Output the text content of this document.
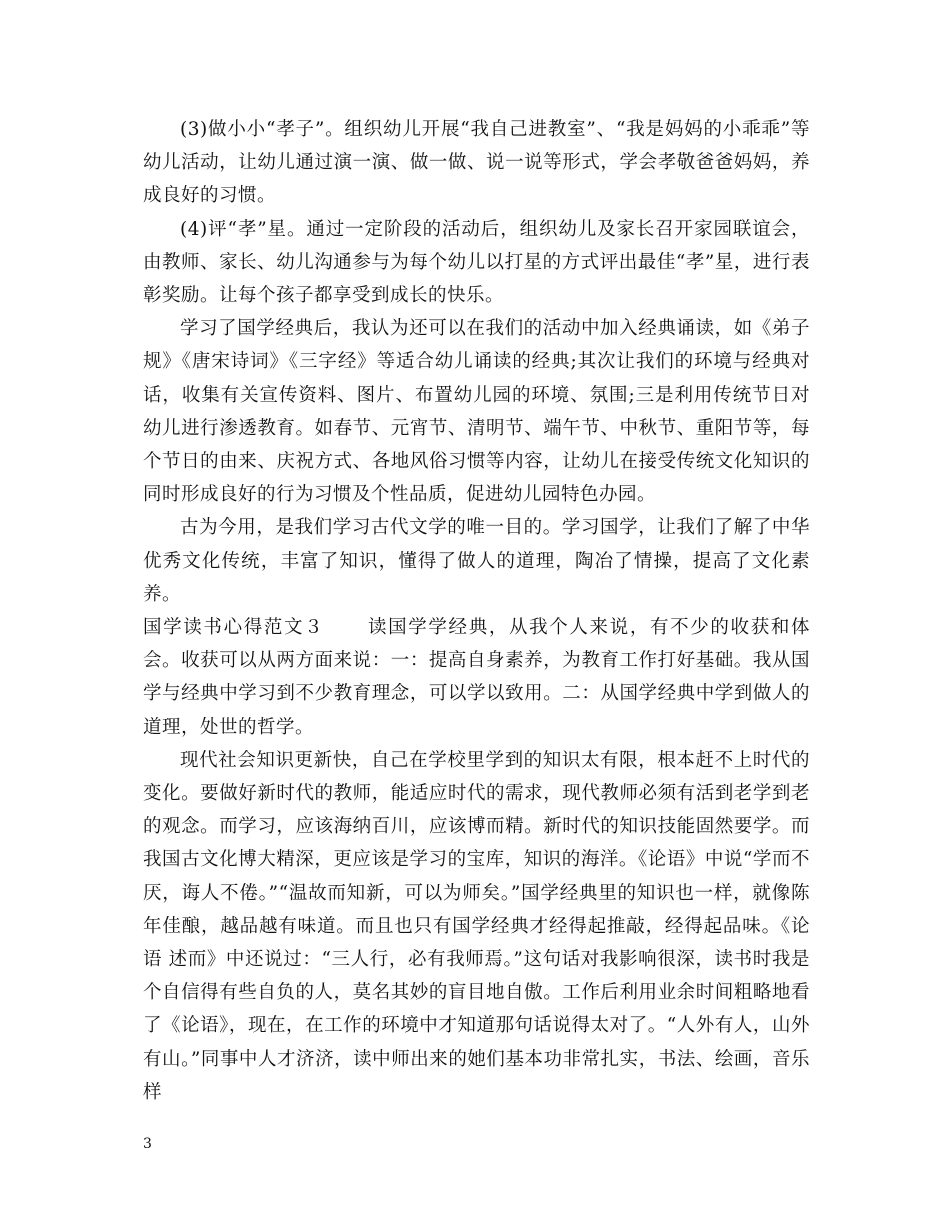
(3)做小小“孝子”。组织幼儿开展“我自己进教室”、“我是妈妈的小乖乖”等幼儿活动，让幼儿通过演一演、做一做、说一说等形式，学会孝敬爸爸妈妈，养成良好的习惯。

(4)评“孝”星。通过一定阶段的活动后，组织幼儿及家长召开家园联谊会，由教师、家长、幼儿沟通参与为每个幼儿以打星的方式评出最佳“孝”星，进行表彰奖励。让每个孩子都享受到成长的快乐。

学习了国学经典后，我认为还可以在我们的活动中加入经典诵读，如《弟子规》《唐宋诗词》《三字经》等适合幼儿诵读的经典;其次让我们的环境与经典对话，收集有关宣传资料、图片、布置幼儿园的环境、氛围;三是利用传统节日对幼儿进行渗透教育。如春节、元宵节、清明节、端午节、中秋节、重阳节等，每个节日的由来、庆祝方式、各地风俗习惯等内容，让幼儿在接受传统文化知识的同时形成良好的行为习惯及个性品质，促进幼儿园特色办园。

古为今用，是我们学习古代文学的唯一目的。学习国学，让我们了解了中华优秀文化传统，丰富了知识，懂得了做人的道理，陶冶了情操，提高了文化素养。

国学读书心得范文３ 读国学学经典，从我个人来说，有不少的收获和体会。收获可以从两方面来说：一：提高自身素养，为教育工作打好基础。我从国学与经典中学习到不少教育理念，可以学以致用。二：从国学经典中学到做人的道理，处世的哲学。

现代社会知识更新快，自己在学校里学到的知识太有限，根本赶不上时代的变化。要做好新时代的教师，能适应时代的需求，现代教师必须有活到老学到老的观念。而学习，应该海纳百川，应该博而精。新时代的知识技能固然要学。而我国古文化博大精深，更应该是学习的宝库，知识的海洋。《论语》中说“学而不厌，诲人不倦。”“温故而知新，可以为师矣。”国学经典里的知识也一样，就像陈年佳酿，越品越有味道。而且也只有国学经典才经得起推敲，经得起品味。《论语 述而》中还说过：“三人行，必有我师焉。”这句话对我影响很深，读书时我是个自信得有些自负的人，莫名其妙的盲目地自傲。工作后利用业余时间粗略地看了《论语》，现在，在工作的环境中才知道那句话说得太对了。“人外有人，山外有山。”同事中人才济济，读中师出来的她们基本功非常扎实，书法、绘画，音乐样

3
